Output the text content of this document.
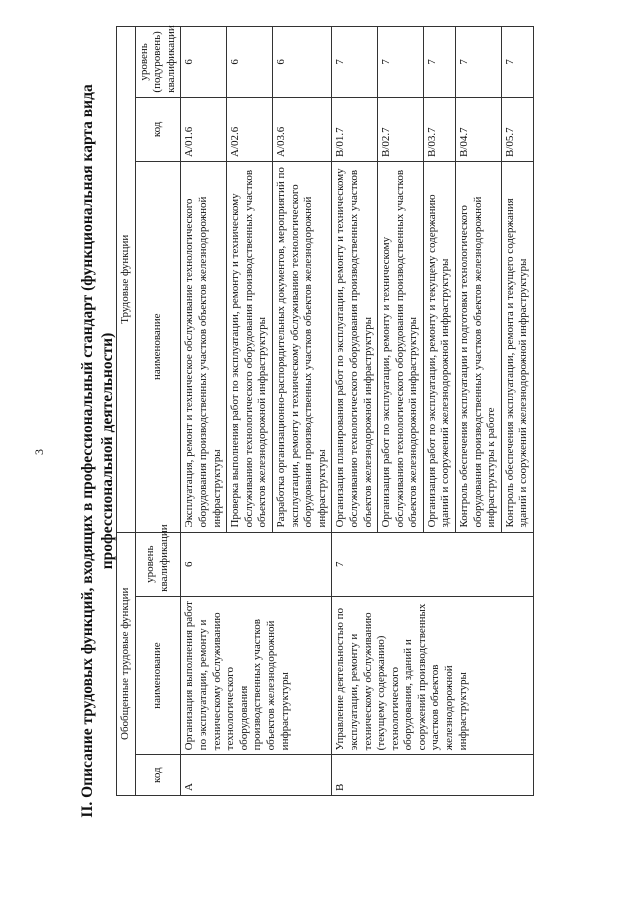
3 II. Описание трудовых функций, входящих в профессиональный стандарт (функциональная карта вида профессиональной деятельности)
Обобщенные трудовые функции			Трудовые функции		
код	наименование	уровень квалификации	наименование	код	уровень (подуровень) квалификации
A	Организация выполнения работ по эксплуатации, ремонту и техническому обслуживанию технологического оборудования производственных участков объектов железнодорожной инфраструктуры	6	Эксплуатация, ремонт и техническое обслуживание технологического оборудования производственных участков объектов железнодорожной инфраструктуры	A/01.6	6
			Проверка выполнения работ по эксплуатации, ремонту и техническому обслуживанию технологического оборудования производственных участков объектов железнодорожной инфраструктуры	A/02.6	6
			Разработка организационно-распорядительных документов, мероприятий по эксплуатации, ремонту и техническому обслуживанию технологического оборудования производственных участков объектов железнодорожной инфраструктуры	A/03.6	6
B	Управление деятельностью по эксплуатации, ремонту и техническому обслуживанию (текущему содержанию) технологического оборудования, зданий и сооружений производственных участков объектов железнодорожной инфраструктуры	7	Организация планирования работ по эксплуатации, ремонту и техническому обслуживанию технологического оборудования производственных участков объектов железнодорожной инфраструктуры	B/01.7	7
			Организация работ по эксплуатации, ремонту и техническому обслуживанию технологического оборудования производственных участков объектов железнодорожной инфраструктуры	B/02.7	7
			Организация работ по эксплуатации, ремонту и текущему содержанию зданий и сооружений железнодорожной инфраструктуры	B/03.7	7
			Контроль обеспечения эксплуатации и подготовки технологического оборудования производственных участков объектов железнодорожной инфраструктуры к работе	B/04.7	7
			Контроль обеспечения эксплуатации, ремонта и текущего содержания зданий и сооружений железнодорожной инфраструктуры	B/05.7	7
